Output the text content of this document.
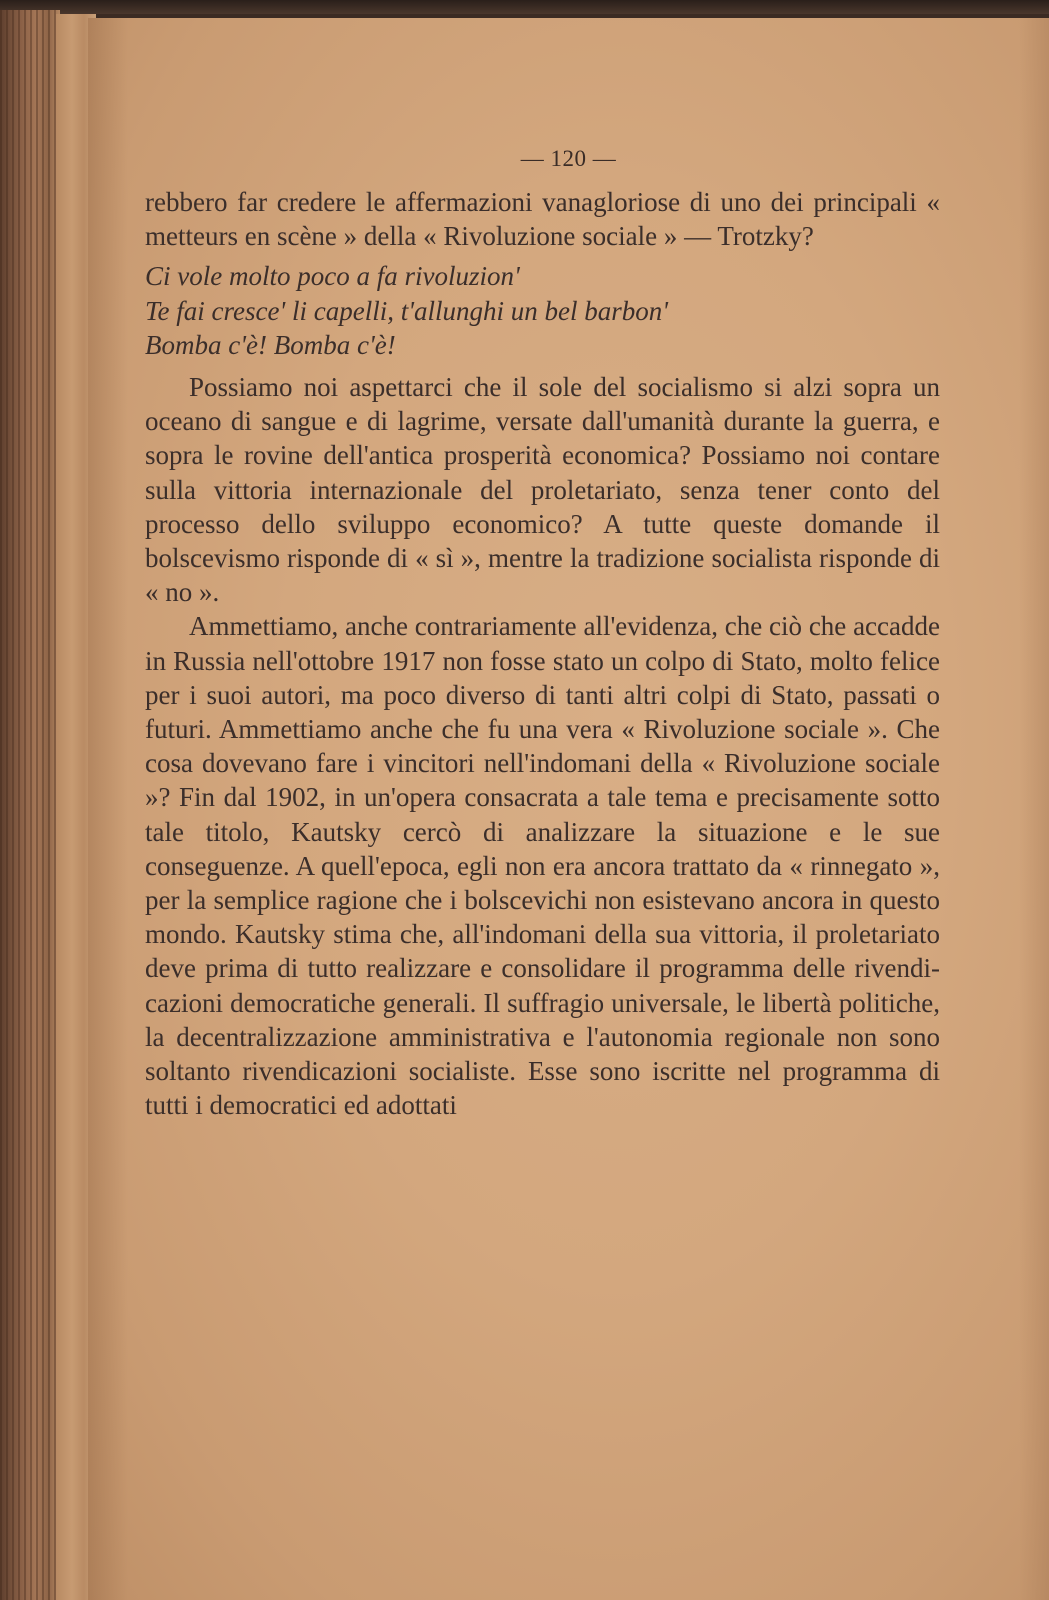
— 120 —

rebbero far credere le affermazioni vanagloriose di uno dei principali « metteurs en scène » della « Rivoluzione sociale » — Trotzky?

Ci vole molto poco a fa rivoluzion'
Te fai cresce' li capelli, t'allunghi un bel barbon'
Bomba c'è! Bomba c'è!

Possiamo noi aspettarci che il sole del socialismo si alzi sopra un oceano di sangue e di lagrime, versate dall'umanità durante la guerra, e sopra le rovine dell'antica prosperità economica? Possiamo noi contare sulla vittoria internazionale del proletariato, senza tener conto del processo dello sviluppo economico? A tutte queste domande il bolscevismo risponde di « sì », mentre la tradizione socialista risponde di « no ».

Ammettiamo, anche contrariamente all'evidenza, che ciò che accadde in Russia nell'ottobre 1917 non fosse stato un colpo di Stato, molto felice per i suoi autori, ma poco diverso di tanti altri colpi di Stato, passati o futuri. Ammettiamo anche che fu una vera « Rivoluzione sociale ». Che cosa dovevano fare i vincitori nell'indomani della « Rivoluzione sociale »? Fin dal 1902, in un'opera consacrata a tale tema e precisamente sotto tale titolo, Kautsky cercò di analizzare la situazione e le sue conseguenze. A quell'epoca, egli non era ancora trattato da « rinnegato », per la semplice ragione che i bolscevichi non esistevano ancora in questo mondo. Kautsky stima che, all'indomani della sua vittoria, il proletariato deve prima di tutto realizzare e consolidare il programma delle rivendicazioni democratiche generali. Il suffragio universale, le libertà politiche, la decentralizzazione amministrativa e l'autonomia regionale non sono soltanto rivendicazioni socialiste. Esse sono iscritte nel programma di tutti i democratici ed adottati
